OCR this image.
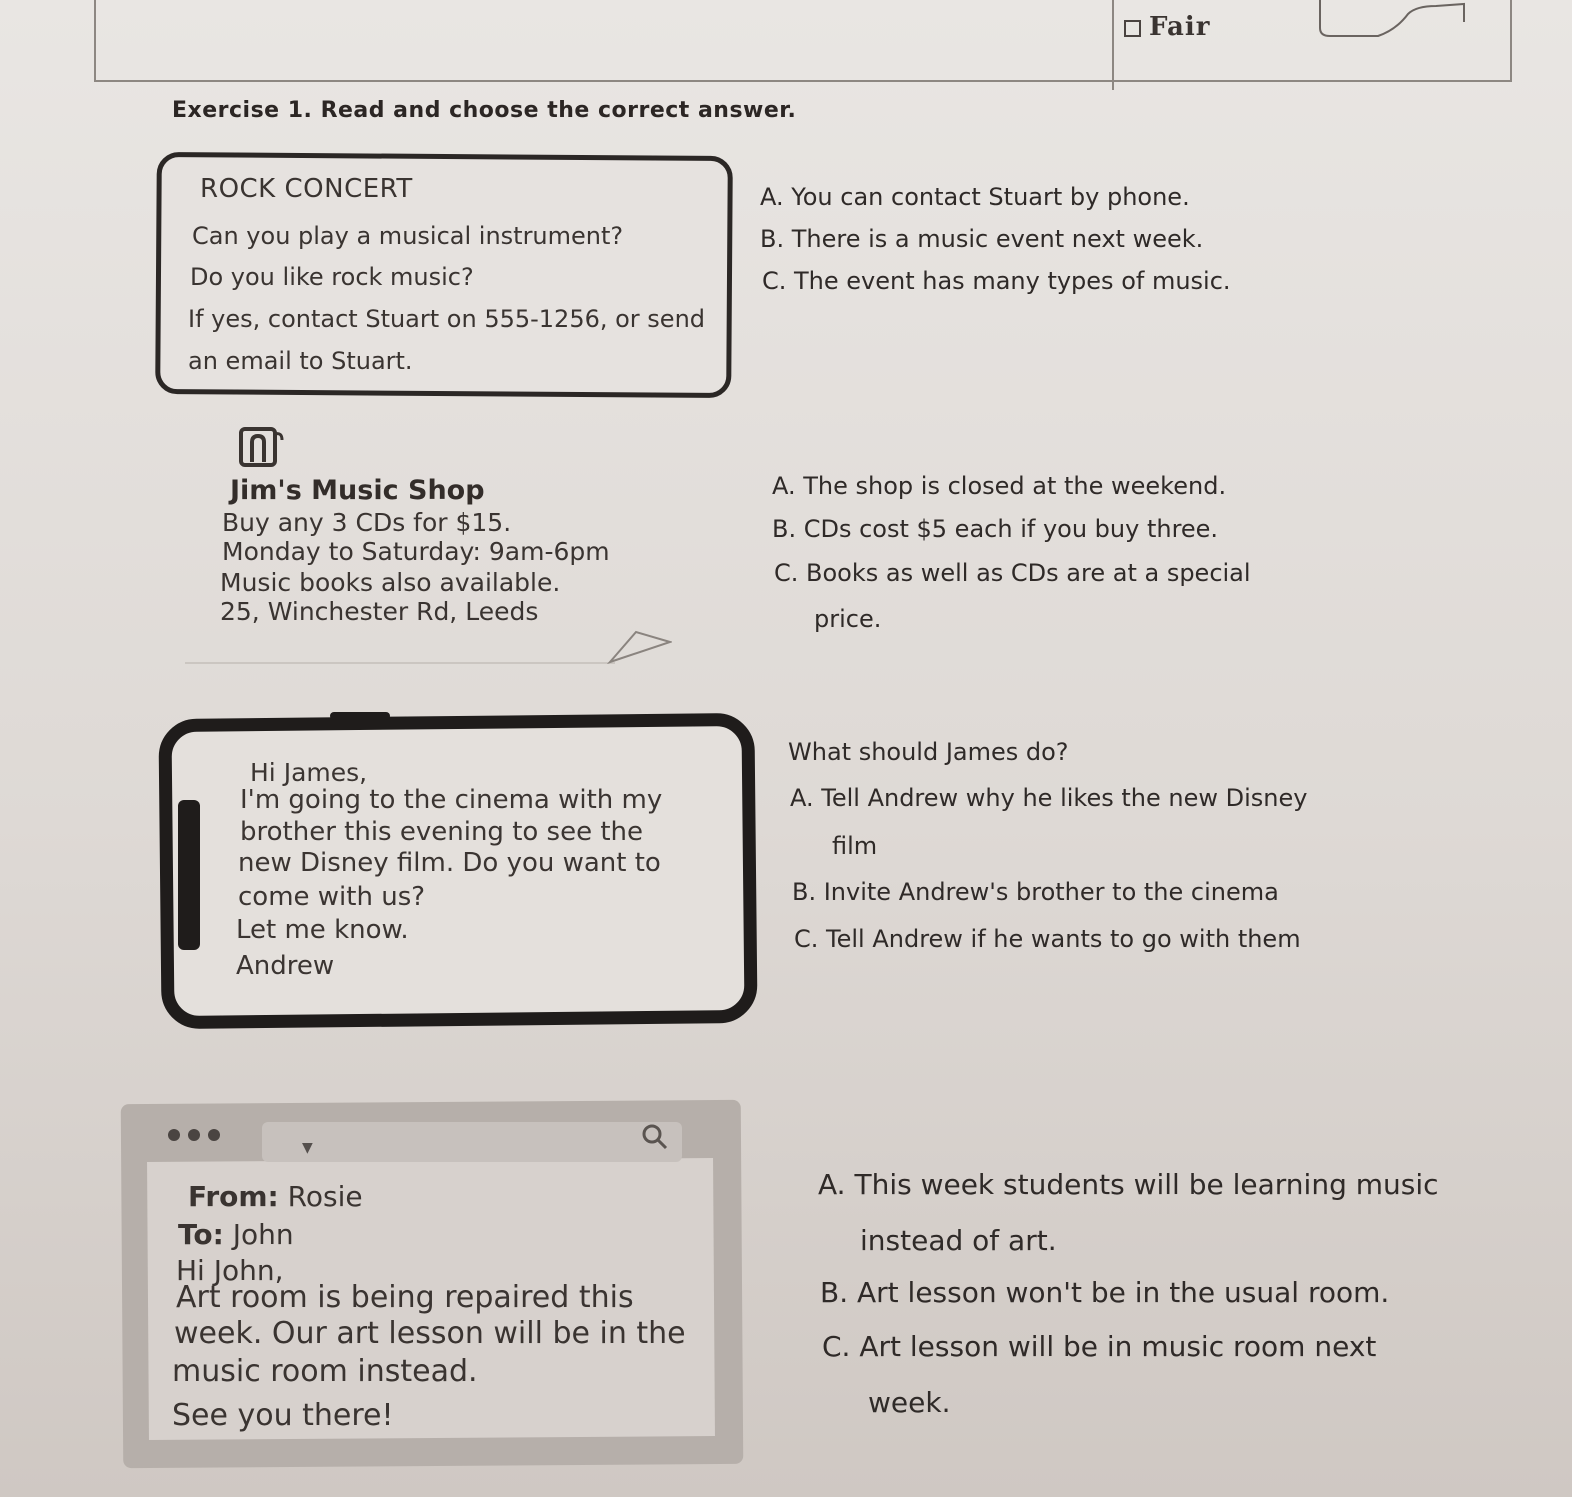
Fair
Exercise 1. Read and choose the correct answer.
ROCK CONCERT
Can you play a musical instrument?
Do you like rock music?
If yes, contact Stuart on 555-1256, or send
an email to Stuart.
A. You can contact Stuart by phone.
B. There is a music event next week.
C. The event has many types of music.
Jim's Music Shop
Buy any 3 CDs for $15.
Monday to Saturday: 9am-6pm
Music books also available.
25, Winchester Rd, Leeds
A. The shop is closed at the weekend.
B. CDs cost $5 each if you buy three.
C. Books as well as CDs are at a special
price.
Hi James,
I'm going to the cinema with my
brother this evening to see the
new Disney film. Do you want to
come with us?
Let me know.
Andrew
What should James do?
A. Tell Andrew why he likes the new Disney
film
B. Invite Andrew's brother to the cinema
C. Tell Andrew if he wants to go with them
▼
From: Rosie
To: John
Hi John,
Art room is being repaired this
week. Our art lesson will be in the
music room instead.
See you there!
A. This week students will be learning music
instead of art.
B. Art lesson won't be in the usual room.
C. Art lesson will be in music room next
week.
